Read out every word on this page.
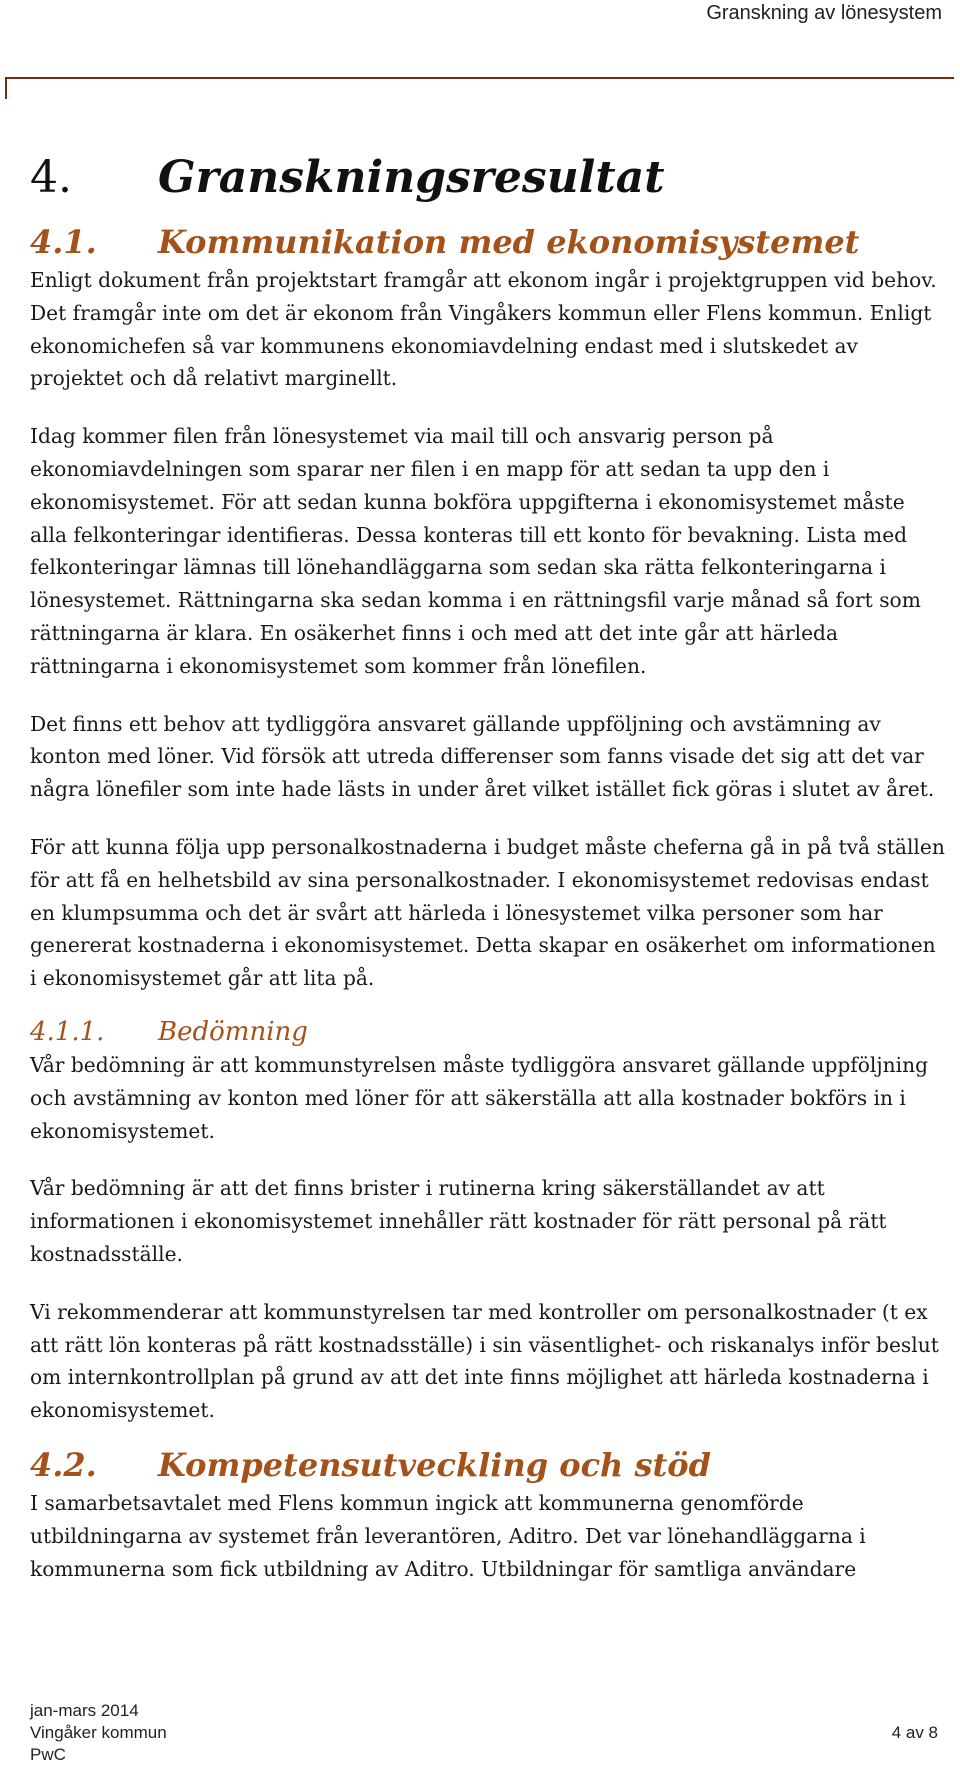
Granskning av lönesystem
4.	Granskningsresultat
4.1.	Kommunikation med ekonomisystemet

Enligt dokument från projektstart framgår att ekonom ingår i projektgruppen vid behov. Det framgår inte om det är ekonom från Vingåkers kommun eller Flens kommun. Enligt ekonomichefen så var kommunens ekonomiavdelning endast med i slutskedet av projektet och då relativt marginellt.

Idag kommer filen från lönesystemet via mail till och ansvarig person på ekonomiavdelningen som sparar ner filen i en mapp för att sedan ta upp den i ekonomisystemet. För att sedan kunna bokföra uppgifterna i ekonomisystemet måste alla felkonteringar identifieras. Dessa konteras till ett konto för bevakning. Lista med felkonteringar lämnas till lönehandläggarna som sedan ska rätta felkonteringarna i lönesystemet. Rättningarna ska sedan komma i en rättningsfil varje månad så fort som rättningarna är klara. En osäkerhet finns i och med att det inte går att härleda rättningarna i ekonomisystemet som kommer från lönefilen.

Det finns ett behov att tydliggöra ansvaret gällande uppföljning och avstämning av konton med löner. Vid försök att utreda differenser som fanns visade det sig att det var några lönefiler som inte hade lästs in under året vilket istället fick göras i slutet av året.

För att kunna följa upp personalkostnaderna i budget måste cheferna gå in på två ställen för att få en helhetsbild av sina personalkostnader. I ekonomisystemet redovisas endast en klumpsumma och det är svårt att härleda i lönesystemet vilka personer som har genererat kostnaderna i ekonomisystemet. Detta skapar en osäkerhet om informationen i ekonomisystemet går att lita på.

4.1.1.	Bedömning

Vår bedömning är att kommunstyrelsen måste tydliggöra ansvaret gällande uppföljning och avstämning av konton med löner för att säkerställa att alla kostnader bokförs in i ekonomisystemet.

Vår bedömning är att det finns brister i rutinerna kring säkerställandet av att informationen i ekonomisystemet innehåller rätt kostnader för rätt personal på rätt kostnadsställe.

Vi rekommenderar att kommunstyrelsen tar med kontroller om personalkostnader (t ex att rätt lön konteras på rätt kostnadsställe) i sin väsentlighet- och riskanalys inför beslut om internkontrollplan på grund av att det inte finns möjlighet att härleda kostnaderna i ekonomisystemet.

4.2.	Kompetensutveckling och stöd

I samarbetsavtalet med Flens kommun ingick att kommunerna genomförde utbildningarna av systemet från leverantören, Aditro. Det var lönehandläggarna i kommunerna som fick utbildning av Aditro. Utbildningar för samtliga användare

jan-mars 2014
Vingåker kommun
PwC
4 av 8
